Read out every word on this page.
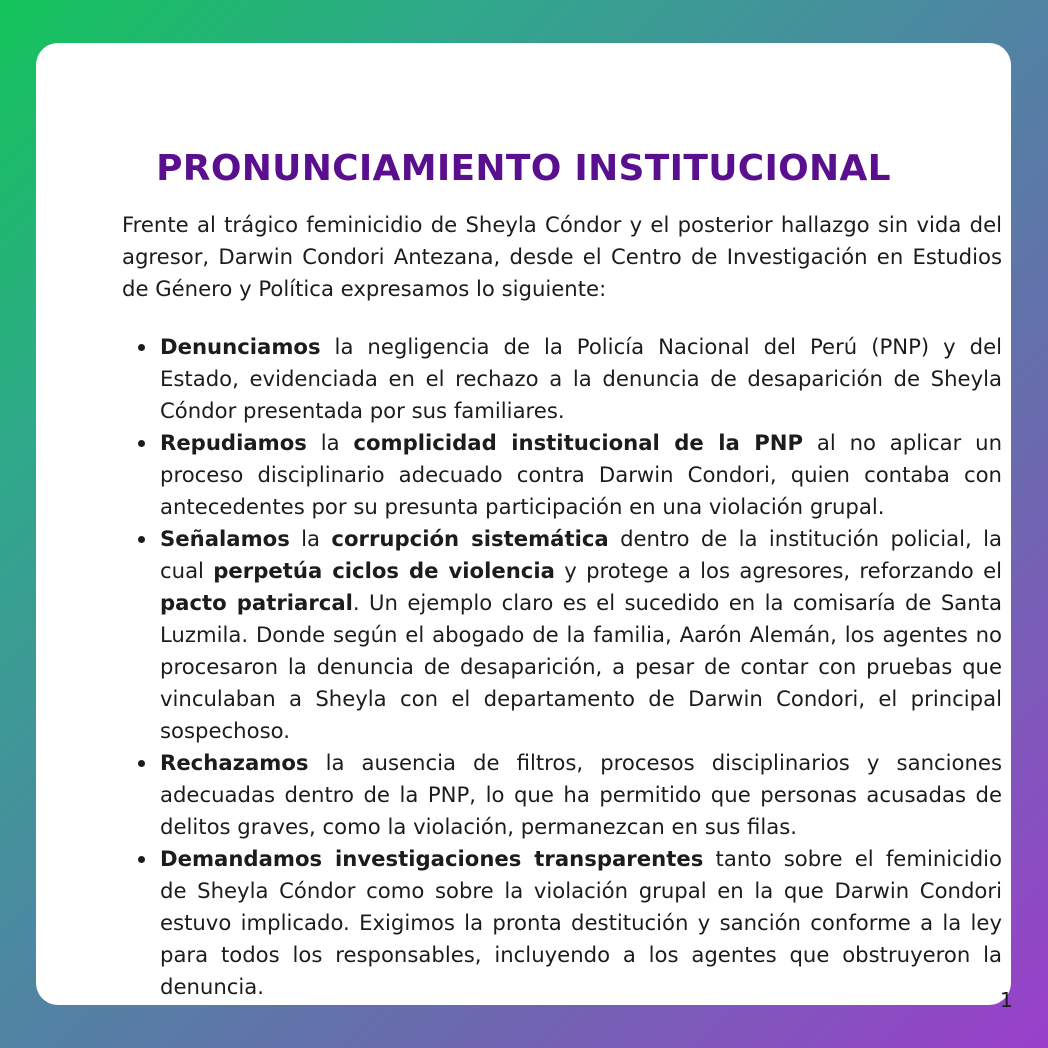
PRONUNCIAMIENTO INSTITUCIONAL

Frente al trágico feminicidio de Sheyla Cóndor y el posterior hallazgo sin vida del agresor, Darwin Condori Antezana, desde el Centro de Investigación en Estudios de Género y Política expresamos lo siguiente:

Denunciamos la negligencia de la Policía Nacional del Perú (PNP) y del Estado, evidenciada en el rechazo a la denuncia de desaparición de Sheyla Cóndor presentada por sus familiares.
Repudiamos la complicidad institucional de la PNP al no aplicar un proceso disciplinario adecuado contra Darwin Condori, quien contaba con antecedentes por su presunta participación en una violación grupal.
Señalamos la corrupción sistemática dentro de la institución policial, la cual perpetúa ciclos de violencia y protege a los agresores, reforzando el pacto patriarcal. Un ejemplo claro es el sucedido en la comisaría de Santa Luzmila. Donde según el abogado de la familia, Aarón Alemán, los agentes no procesaron la denuncia de desaparición, a pesar de contar con pruebas que vinculaban a Sheyla con el departamento de Darwin Condori, el principal sospechoso.
Rechazamos la ausencia de filtros, procesos disciplinarios y sanciones adecuadas dentro de la PNP, lo que ha permitido que personas acusadas de delitos graves, como la violación, permanezcan en sus filas.
Demandamos investigaciones transparentes tanto sobre el feminicidio de Sheyla Cóndor como sobre la violación grupal en la que Darwin Condori estuvo implicado. Exigimos la pronta destitución y sanción conforme a la ley para todos los responsables, incluyendo a los agentes que obstruyeron la denuncia.
1
